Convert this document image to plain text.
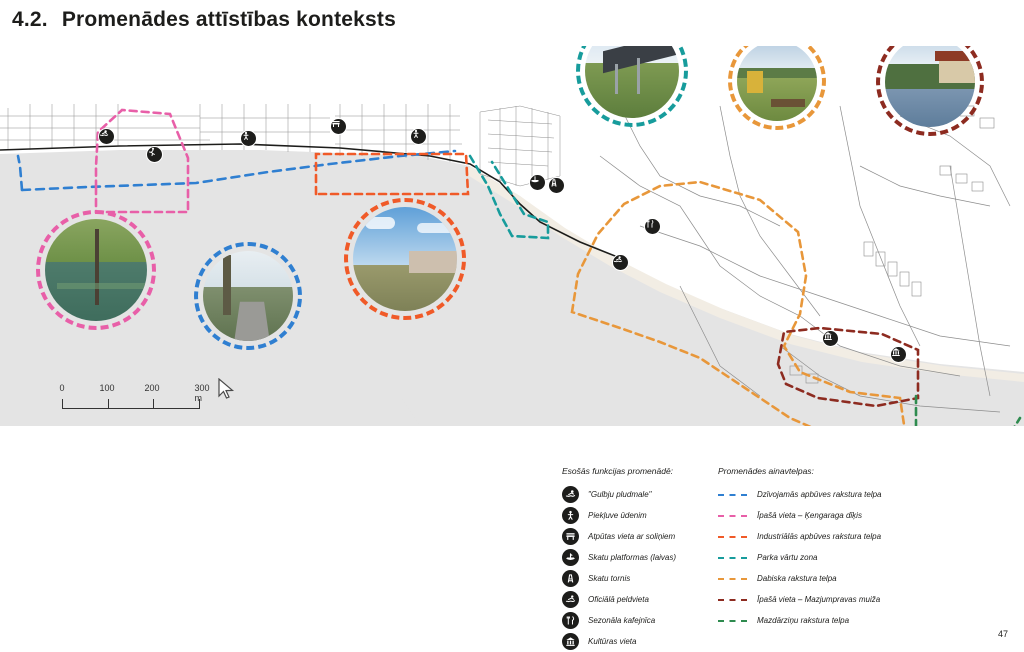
4.2. Promenādes attīstības konteksts
0	100	200	300 m
Esošās funkcijas promenādē:
"Gulbju pludmale"
Piekļuve ūdenim
Atpūtas vieta ar soliņiem
Skatu platformas (laivas)
Skatu tornis
Oficiālā peldvieta
Sezonāla kafejnīca
Kultūras vieta
Promenādes ainavtelpas:
Dzīvojamās apbūves rakstura telpa
Īpašā vieta – Ķengaraga dīķis
Industriālās apbūves rakstura telpa
Parka vārtu zona
Dabiska rakstura telpa
Īpašā vieta – Mazjumpravas muiža
Mazdārziņu rakstura telpa
47
